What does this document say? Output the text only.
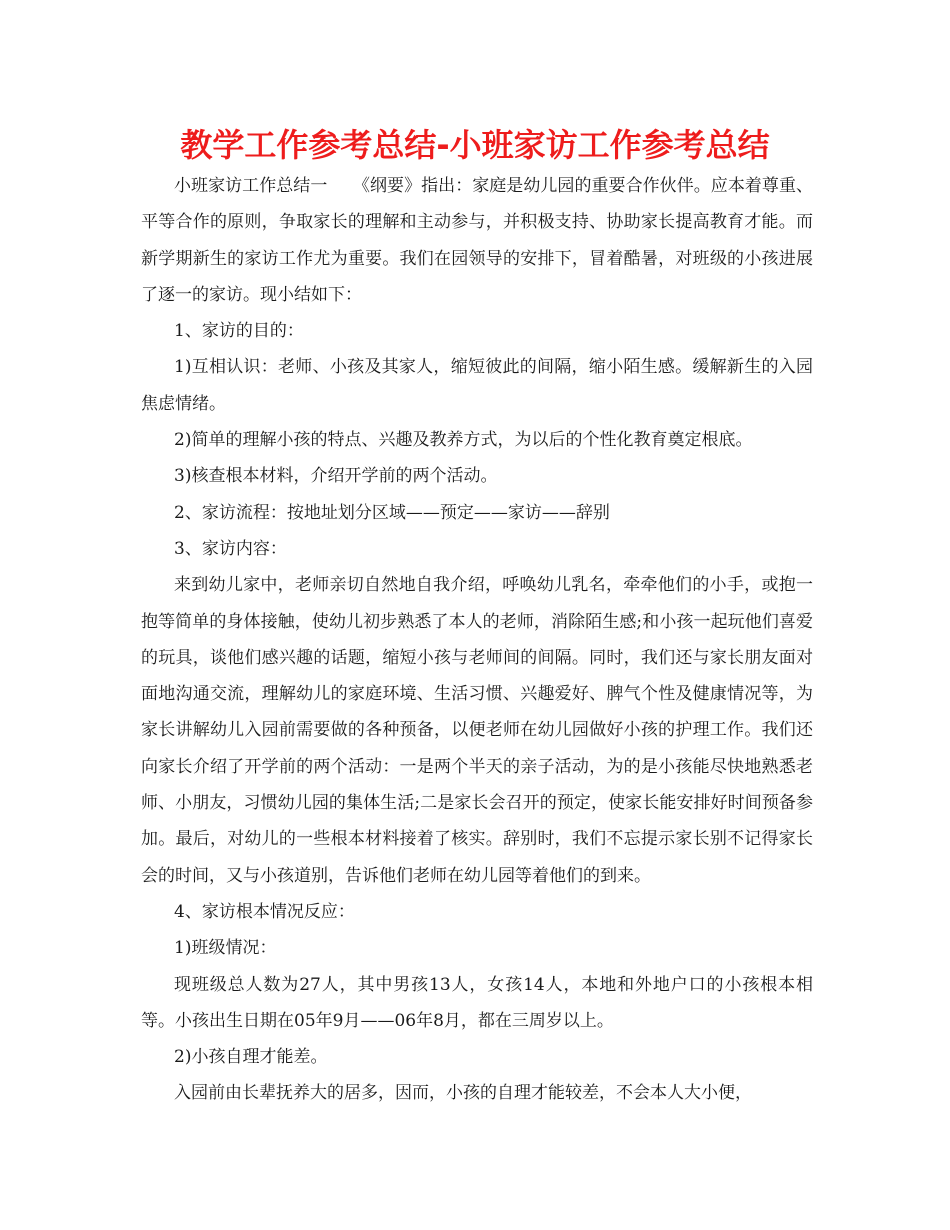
教学工作参考总结-小班家访工作参考总结

小班家访工作总结一　　《纲要》指出：家庭是幼儿园的重要合作伙伴。应本着尊重、平等合作的原则，争取家长的理解和主动参与，并积极支持、协助家长提高教育才能。而新学期新生的家访工作尤为重要。我们在园领导的安排下，冒着酷暑，对班级的小孩进展了逐一的家访。现小结如下：

1、家访的目的：

1)互相认识：老师、小孩及其家人，缩短彼此的间隔，缩小陌生感。缓解新生的入园焦虑情绪。

2)简单的理解小孩的特点、兴趣及教养方式，为以后的个性化教育奠定根底。

3)核查根本材料，介绍开学前的两个活动。

2、家访流程：按地址划分区域——预定——家访——辞别

3、家访内容：

来到幼儿家中，老师亲切自然地自我介绍，呼唤幼儿乳名，牵牵他们的小手，或抱一抱等简单的身体接触，使幼儿初步熟悉了本人的老师，消除陌生感;和小孩一起玩他们喜爱的玩具，谈他们感兴趣的话题，缩短小孩与老师间的间隔。同时，我们还与家长朋友面对面地沟通交流，理解幼儿的家庭环境、生活习惯、兴趣爱好、脾气个性及健康情况等，为家长讲解幼儿入园前需要做的各种预备，以便老师在幼儿园做好小孩的护理工作。我们还向家长介绍了开学前的两个活动：一是两个半天的亲子活动，为的是小孩能尽快地熟悉老师、小朋友，习惯幼儿园的集体生活;二是家长会召开的预定，使家长能安排好时间预备参加。最后，对幼儿的一些根本材料接着了核实。辞别时，我们不忘提示家长别不记得家长会的时间，又与小孩道别，告诉他们老师在幼儿园等着他们的到来。

4、家访根本情况反应：

1)班级情况：

现班级总人数为27人，其中男孩13人，女孩14人，本地和外地户口的小孩根本相等。小孩出生日期在05年9月——06年8月，都在三周岁以上。

2)小孩自理才能差。

入园前由长辈抚养大的居多，因而，小孩的自理才能较差，不会本人大小便，
